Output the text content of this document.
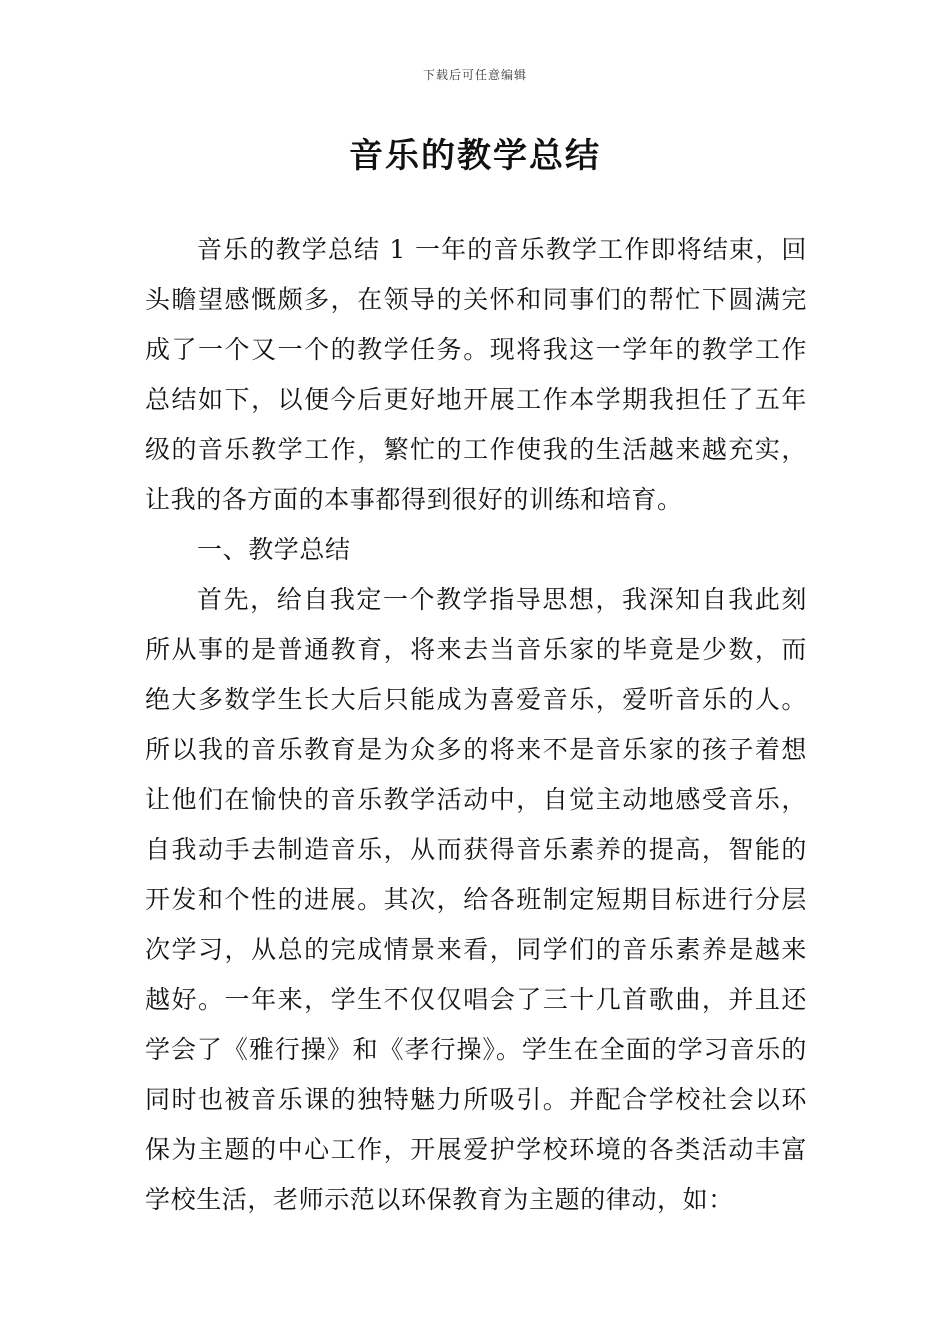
下载后可任意编辑
音乐的教学总结

音乐的教学总结 1 一年的音乐教学工作即将结束，回头瞻望感慨颇多，在领导的关怀和同事们的帮忙下圆满完成了一个又一个的教学任务。现将我这一学年的教学工作总结如下，以便今后更好地开展工作本学期我担任了五年级的音乐教学工作，繁忙的工作使我的生活越来越充实，让我的各方面的本事都得到很好的训练和培育。

一、教学总结

首先，给自我定一个教学指导思想，我深知自我此刻所从事的是普通教育，将来去当音乐家的毕竟是少数，而绝大多数学生长大后只能成为喜爱音乐，爱听音乐的人。所以我的音乐教育是为众多的将来不是音乐家的孩子着想让他们在愉快的音乐教学活动中，自觉主动地感受音乐，自我动手去制造音乐，从而获得音乐素养的提高，智能的开发和个性的进展。其次，给各班制定短期目标进行分层次学习，从总的完成情景来看，同学们的音乐素养是越来越好。一年来，学生不仅仅唱会了三十几首歌曲，并且还学会了《雅行操》和《孝行操》。学生在全面的学习音乐的同时也被音乐课的独特魅力所吸引。并配合学校社会以环保为主题的中心工作，开展爱护学校环境的各类活动丰富学校生活，老师示范以环保教育为主题的律动，如：
